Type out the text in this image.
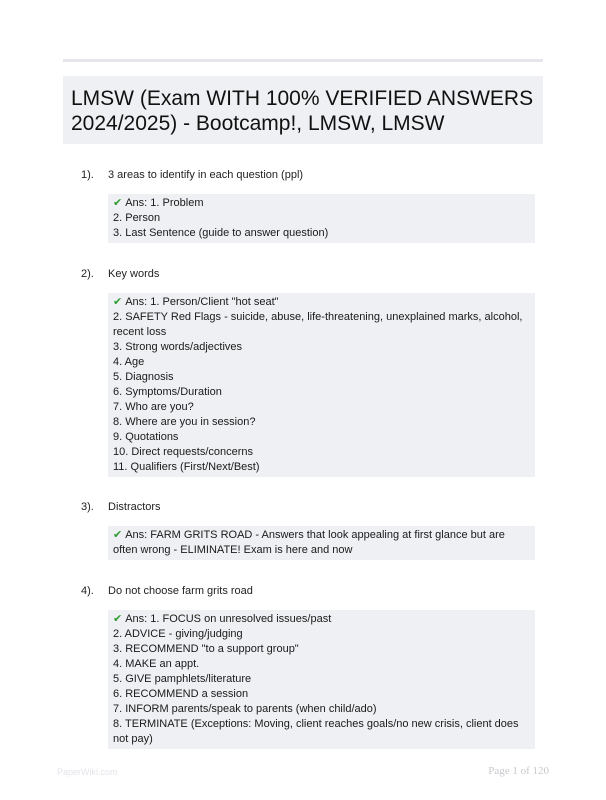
LMSW (Exam WITH 100% VERIFIED ANSWERS 2024/2025) - Bootcamp!, LMSW, LMSW
1). 3 areas to identify in each question (ppl)
✔ Ans: 1. Problem
2. Person
3. Last Sentence (guide to answer question)
2). Key words
✔ Ans: 1. Person/Client "hot seat"
2. SAFETY Red Flags - suicide, abuse, life-threatening, unexplained marks, alcohol, recent loss
3. Strong words/adjectives
4. Age
5. Diagnosis
6. Symptoms/Duration
7. Who are you?
8. Where are you in session?
9. Quotations
10. Direct requests/concerns
11. Qualifiers (First/Next/Best)
3). Distractors
✔ Ans: FARM GRITS ROAD - Answers that look appealing at first glance but are often wrong - ELIMINATE! Exam is here and now
4). Do not choose farm grits road
✔ Ans: 1. FOCUS on unresolved issues/past
2. ADVICE - giving/judging
3. RECOMMEND "to a support group"
4. MAKE an appt.
5. GIVE pamphlets/literature
6. RECOMMEND a session
7. INFORM parents/speak to parents (when child/ado)
8. TERMINATE (Exceptions: Moving, client reaches goals/no new crisis, client does not pay)
PaperWiki.com	Page 1 of 120
